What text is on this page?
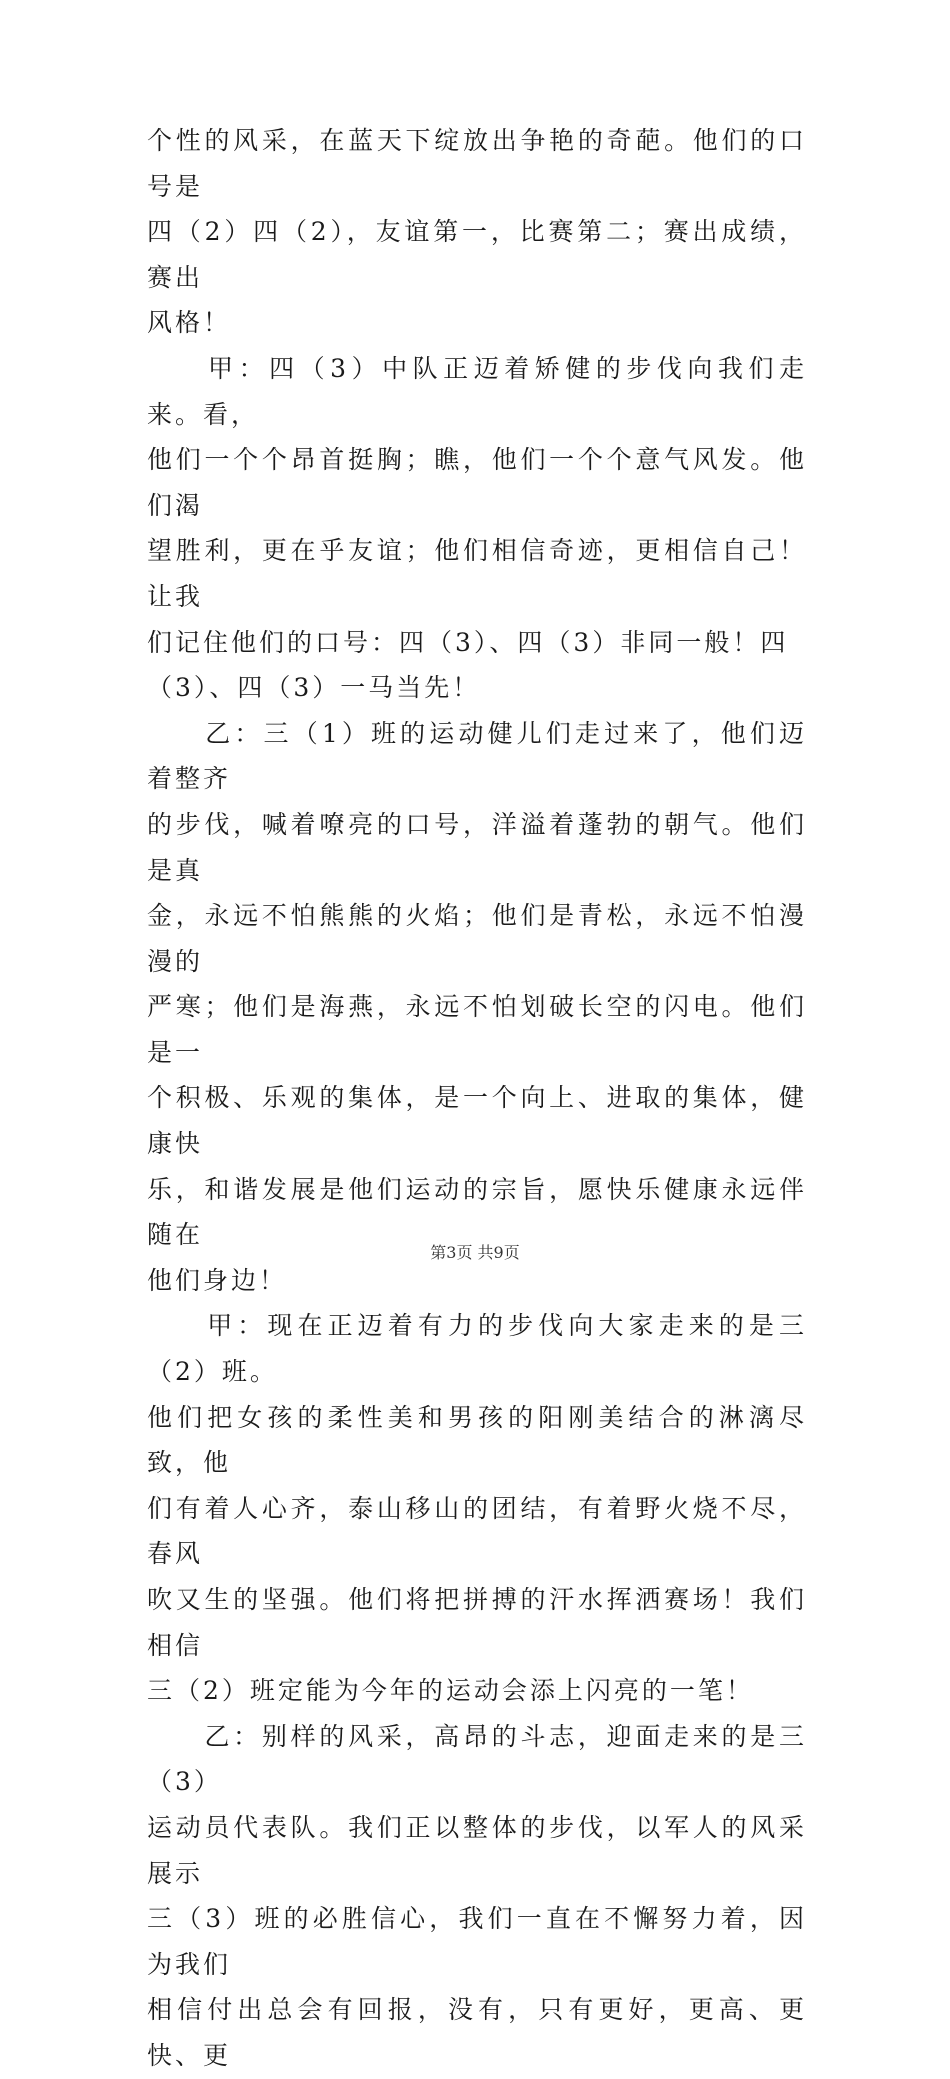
个性的风采，在蓝天下绽放出争艳的奇葩。他们的口号是
四（2）四（2），友谊第一，比赛第二；赛出成绩，赛出
风格！

　　甲：四（3）中队正迈着矫健的步伐向我们走来。看，
他们一个个昂首挺胸；瞧，他们一个个意气风发。他们渴
望胜利，更在乎友谊；他们相信奇迹，更相信自己！让我
们记住他们的口号：四（3）、四（3）非同一般！四
（3）、四（3）一马当先！

　　乙：三（1）班的运动健儿们走过来了，他们迈着整齐
的步伐，喊着嘹亮的口号，洋溢着蓬勃的朝气。他们是真
金，永远不怕熊熊的火焰；他们是青松，永远不怕漫漫的
严寒；他们是海燕，永远不怕划破长空的闪电。他们是一
个积极、乐观的集体，是一个向上、进取的集体，健康快
乐，和谐发展是他们运动的宗旨，愿快乐健康永远伴随在
他们身边！

　　甲：现在正迈着有力的步伐向大家走来的是三（2）班。
他们把女孩的柔性美和男孩的阳刚美结合的淋漓尽致，他
们有着人心齐，泰山移山的团结，有着野火烧不尽，春风
吹又生的坚强。他们将把拼搏的汗水挥洒赛场！我们相信
三（2）班定能为今年的运动会添上闪亮的一笔！

　　乙：别样的风采，高昂的斗志，迎面走来的是三（3）
运动员代表队。我们正以整体的步伐，以军人的风采展示
三（3）班的必胜信心，我们一直在不懈努力着，因为我们
相信付出总会有回报，没有，只有更好，更高、更快、更

第3页 共9页
